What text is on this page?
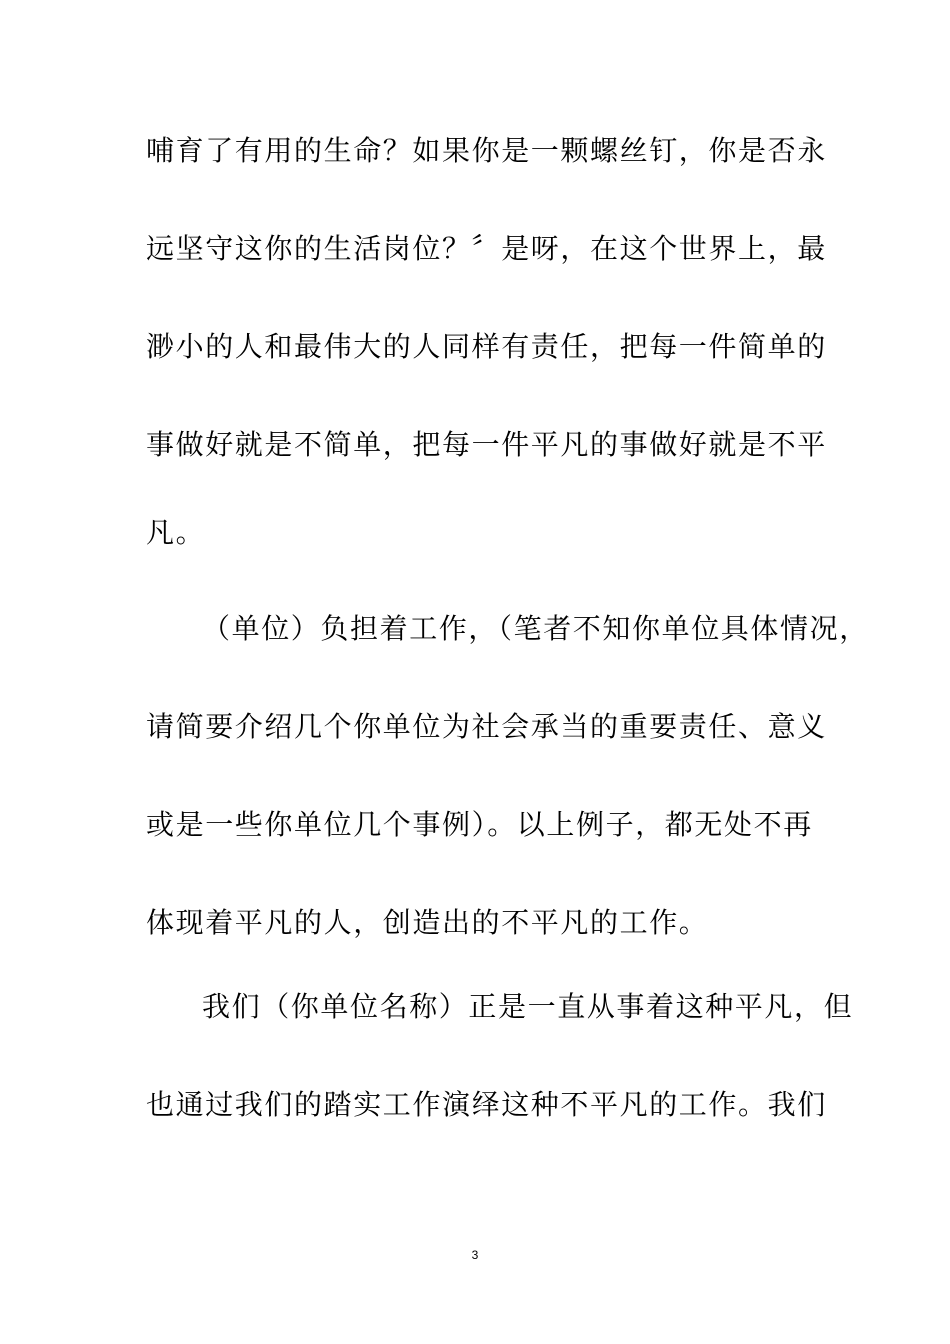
哺育了有用的生命？如果你是一颗螺丝钉，你是否永
远坚守这你的生活岗位？〞是呀，在这个世界上，最
渺小的人和最伟大的人同样有责任，把每一件简单的
事做好就是不简单，把每一件平凡的事做好就是不平
凡。
（单位）负担着工作，（笔者不知你单位具体情况，
请简要介绍几个你单位为社会承当的重要责任、意义
或是一些你单位几个事例）。以上例子，都无处不再
体现着平凡的人，创造出的不平凡的工作。
我们（你单位名称）正是一直从事着这种平凡，但
也通过我们的踏实工作演绎这种不平凡的工作。我们
3
